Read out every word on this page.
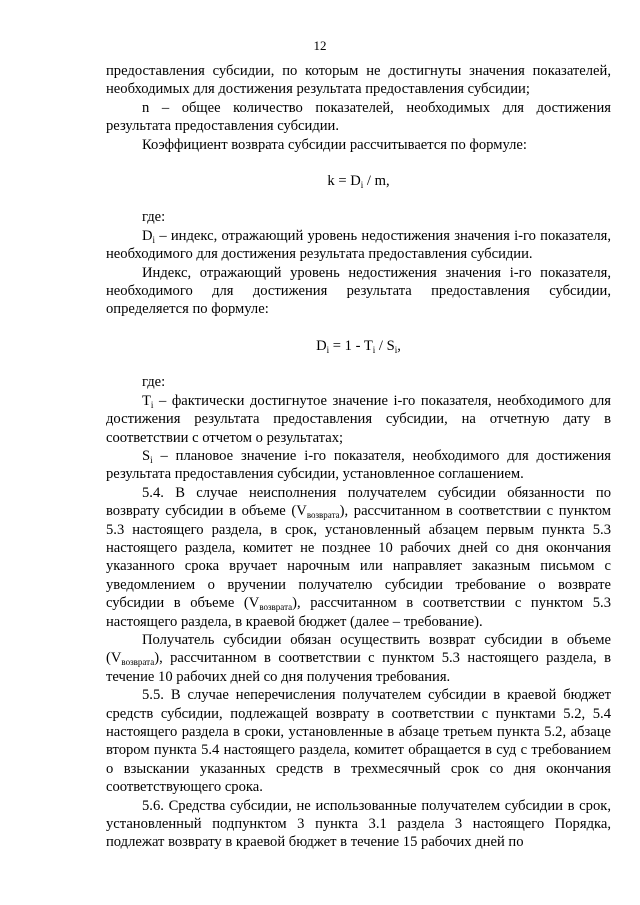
12

предоставления субсидии, по которым не достигнуты значения показателей, необходимых для достижения результата предоставления субсидии;

n – общее количество показателей, необходимых для достижения результата предоставления субсидии.

Коэффициент возврата субсидии рассчитывается по формуле:

$k = D_i / m$,

где:

$D_i$ – индекс, отражающий уровень недостижения значения i-го показателя, необходимого для достижения результата предоставления субсидии.

Индекс, отражающий уровень недостижения значения i-го показателя, необходимого для достижения результата предоставления субсидии, определяется по формуле:

$D_i = 1 - T_i / S_i$,

где:

$T_i$ – фактически достигнутое значение i-го показателя, необходимого для достижения результата предоставления субсидии, на отчетную дату в соответствии с отчетом о результатах;

$S_i$ – плановое значение i-го показателя, необходимого для достижения результата предоставления субсидии, установленное соглашением.

5.4. В случае неисполнения получателем субсидии обязанности по возврату субсидии в объеме $(V_{возврата})$, рассчитанном в соответствии с пунктом 5.3 настоящего раздела, в срок, установленный абзацем первым пункта 5.3 настоящего раздела, комитет не позднее 10 рабочих дней со дня окончания указанного срока вручает нарочным или направляет заказным письмом с уведомлением о вручении получателю субсидии требование о возврате субсидии в объеме $(V_{возврата})$, рассчитанном в соответствии с пунктом 5.3 настоящего раздела, в краевой бюджет (далее – требование).

Получатель субсидии обязан осуществить возврат субсидии в объеме $(V_{возврата})$, рассчитанном в соответствии с пунктом 5.3 настоящего раздела, в течение 10 рабочих дней со дня получения требования.

5.5. В случае неперечисления получателем субсидии в краевой бюджет средств субсидии, подлежащей возврату в соответствии с пунктами 5.2, 5.4 настоящего раздела в сроки, установленные в абзаце третьем пункта 5.2, абзаце втором пункта 5.4 настоящего раздела, комитет обращается в суд с требованием о взыскании указанных средств в трехмесячный срок со дня окончания соответствующего срока.

5.6. Средства субсидии, не использованные получателем субсидии в срок, установленный подпунктом 3 пункта 3.1 раздела 3 настоящего Порядка, подлежат возврату в краевой бюджет в течение 15 рабочих дней по
